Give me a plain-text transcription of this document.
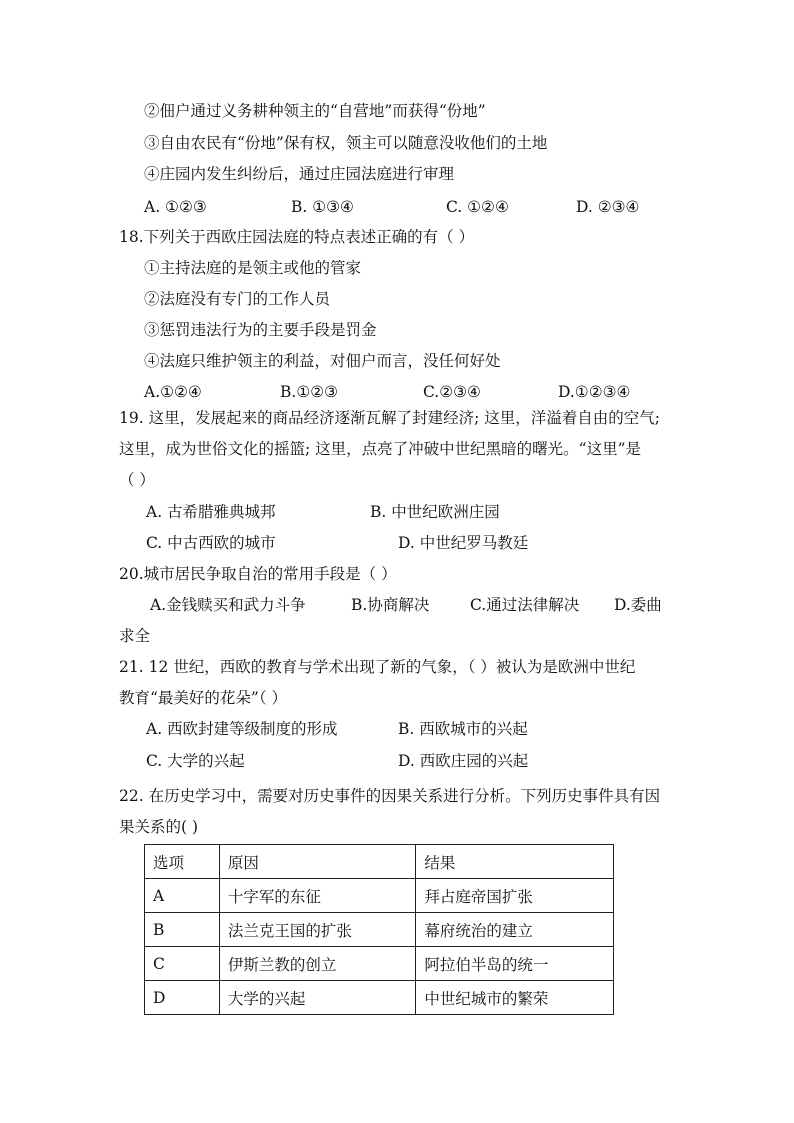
②佃户通过义务耕种领主的“自营地”而获得“份地”
③自由农民有“份地”保有权，领主可以随意没收他们的土地
④庄园内发生纠纷后，通过庄园法庭进行审理
A. ①②③	B. ①③④	C. ①②④	D. ②③④
18.下列关于西欧庄园法庭的特点表述正确的有（ ）
①主持法庭的是领主或他的管家
②法庭没有专门的工作人员
③惩罚违法行为的主要手段是罚金
④法庭只维护领主的利益，对佃户而言，没任何好处
A.①②④	B.①②③	C.②③④	D.①②③④
19. 这里，发展起来的商品经济逐渐瓦解了封建经济; 这里，洋溢着自由的空气;
这里，成为世俗文化的摇篮; 这里，点亮了冲破中世纪黑暗的曙光。“这里”是
（ ）
A. 古希腊雅典城邦	B. 中世纪欧洲庄园
C. 中古西欧的城市	D. 中世纪罗马教廷
20.城市居民争取自治的常用手段是（ ）
A.金钱赎买和武力斗争	B.协商解决	C.通过法律解决 D.委曲
求全
21. 12 世纪，西欧的教育与学术出现了新的气象，（ ）被认为是欧洲中世纪
教育“最美好的花朵”（ ）
A. 西欧封建等级制度的形成	B. 西欧城市的兴起
C. 大学的兴起	D. 西欧庄园的兴起
22. 在历史学习中，需要对历史事件的因果关系进行分析。下列历史事件具有因
果关系的( )
选项	原因	结果
A	十字军的东征	拜占庭帝国扩张
B	法兰克王国的扩张	幕府统治的建立
C	伊斯兰教的创立	阿拉伯半岛的统一
D	大学的兴起	中世纪城市的繁荣
